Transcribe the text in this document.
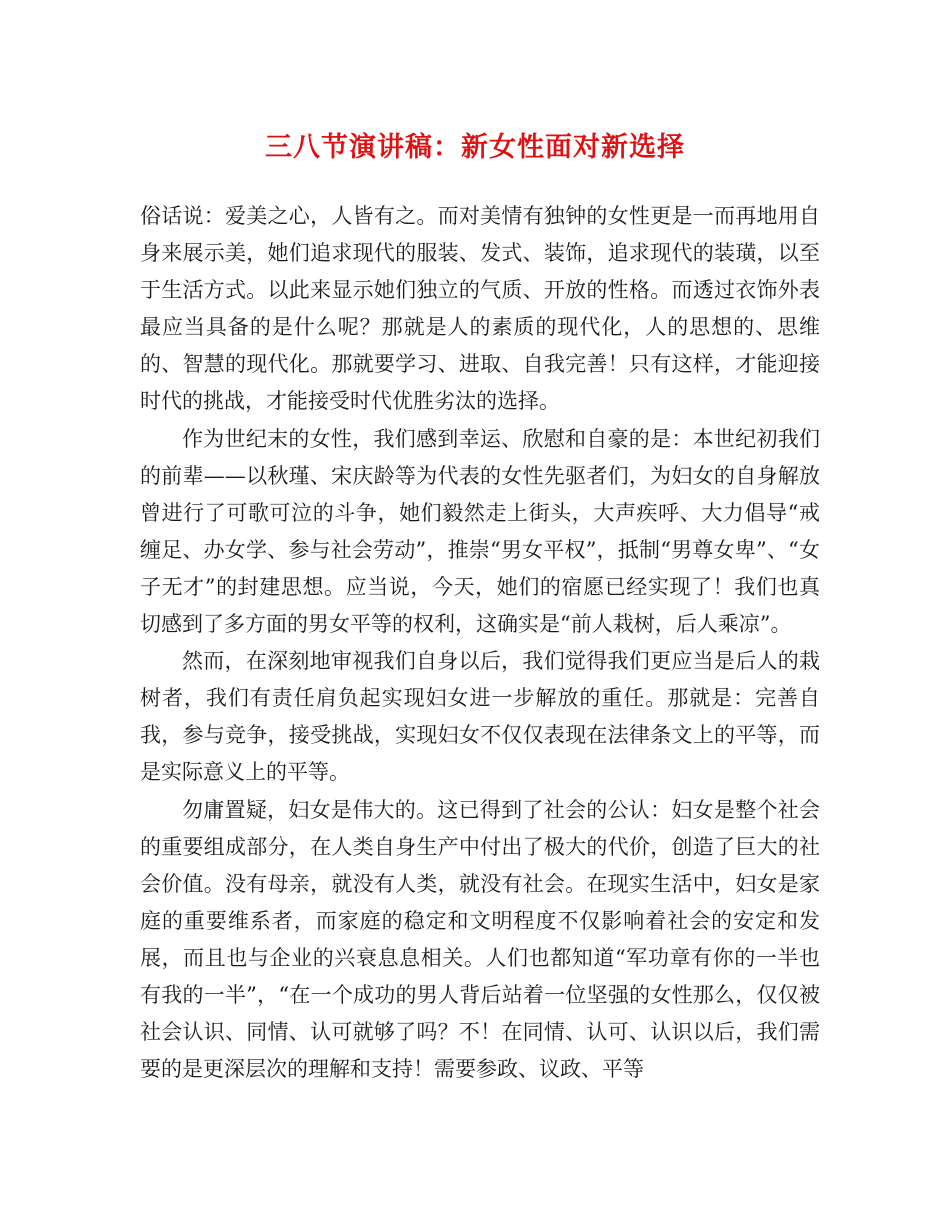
三八节演讲稿：新女性面对新选择

俗话说：爱美之心，人皆有之。而对美情有独钟的女性更是一而再地用自身来展示美，她们追求现代的服装、发式、装饰，追求现代的装璜，以至于生活方式。以此来显示她们独立的气质、开放的性格。而透过衣饰外表最应当具备的是什么呢？那就是人的素质的现代化，人的思想的、思维的、智慧的现代化。那就要学习、进取、自我完善！只有这样，才能迎接时代的挑战，才能接受时代优胜劣汰的选择。

作为世纪末的女性，我们感到幸运、欣慰和自豪的是：本世纪初我们的前辈——以秋瑾、宋庆龄等为代表的女性先驱者们，为妇女的自身解放曾进行了可歌可泣的斗争，她们毅然走上街头，大声疾呼、大力倡导“戒缠足、办女学、参与社会劳动”，推崇“男女平权”，抵制“男尊女卑”、“女子无才”的封建思想。应当说，今天，她们的宿愿已经实现了！我们也真切感到了多方面的男女平等的权利，这确实是“前人栽树，后人乘凉”。

然而，在深刻地审视我们自身以后，我们觉得我们更应当是后人的栽树者，我们有责任肩负起实现妇女进一步解放的重任。那就是：完善自我，参与竞争，接受挑战，实现妇女不仅仅表现在法律条文上的平等，而是实际意义上的平等。

勿庸置疑，妇女是伟大的。这已得到了社会的公认：妇女是整个社会的重要组成部分，在人类自身生产中付出了极大的代价，创造了巨大的社会价值。没有母亲，就没有人类，就没有社会。在现实生活中，妇女是家庭的重要维系者，而家庭的稳定和文明程度不仅影响着社会的安定和发展，而且也与企业的兴衰息息相关。人们也都知道“军功章有你的一半也有我的一半”，“在一个成功的男人背后站着一位坚强的女性那么，仅仅被社会认识、同情、认可就够了吗？不！在同情、认可、认识以后，我们需要的是更深层次的理解和支持！需要参政、议政、平等
